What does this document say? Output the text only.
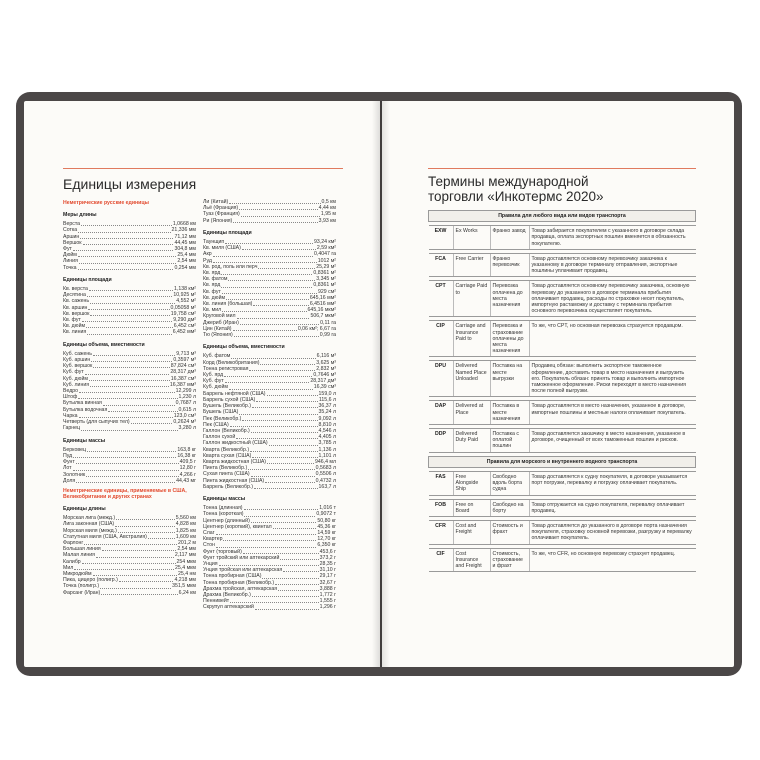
Единицы измерения
Неметрические русские единицы
Меры длины
Верста	1,0668 км
Сотка	21,336 мм
Аршин	71,12 мм
Вершок	44,45 мм
Фут	304,8 мм
Дюйм	25,4 мм
Линия	2,54 мм
Точка	0,254 мм
Единицы площади
Кв. верста	1,138 км²
Десятина	10,925 м²
Кв. сажень	4,552 м²
Кв. аршин	0,05058 м²
Кв. вершок	19,758 см²
Кв. фут	9,290 дм²
Кв. дюйм	6,452 см²
Кв. линия	6,452 мм²
Единицы объема, вместимости
Куб. сажень	9,713 м³
Куб. аршин	0,3597 м³
Куб. вершок	87,824 см³
Куб. фут	28,317 дм³
Куб. дюйм	16,387 см³
Куб. линия	16,387 мм³
Ведро	12,299 л
Штоф	1,230 л
Бутылка винная	0,7687 л
Бутылка водочная	0,615 л
Чарка	123,0 см³
Четверть (для сыпучих тел)	0,2624 м³
Гарнец	3,280 л
Единицы массы
Берковец	163,8 кг
Пуд	16,38 кг
Фунт	409,5 г
Лот	12,80 г
Золотник	4,266 г
Доля	44,43 мг
Неметрические единицы, применяемые в США, Великобритании и других странах
Единицы длины
Морская лига (межд.)	5,560 км
Лига законная (США)	4,828 км
Морская миля (межд.)	1,825 км
Статутная миля (США, Австралия)	1,609 км
Фарлонг	201,2 м
Большая линия	2,54 мм
Малая линия	2,117 мм
Калибр	254 мкм
Мил	25,4 мкм
Микродюйм	25,4 нм
Пика, цицеро (полигр.)	4,218 мм
Точка (полигр.)	351,5 мкм
Фарсанг (Иран)	6,24 км
Ли (Китай)	0,5 км
Льё (Франция)	4,44 км
Туаз (Франция)	1,95 м
Ри (Япония)	3,93 км
Единицы площади
Таунщип	93,24 км²
Кв. миля (США)	2,59 км²
Акр	0,4047 га
Руд	1012 м²
Кв. род, поль или перч	25,29 м²
Кв. ярд	0,8361 м²
Кв. фатом	3,345 м²
Кв. ярд	0,8361 м²
Кв. фут	929 см²
Кв. дюйм	645,16 мм²
Кв. линия (большая)	6,4516 мм²
Кв. мил	645,16 мкм²
Круговой мил	506,7 мкм²
Джериб (Иран)	0,11 га
Цин (Китай)	0,06 км²; 6,67 га
Тю (Япония)	0,99 га
Единицы объема, вместимости
Куб. фатом	6,116 м³
Корд (Великобритания)	3,625 м³
Тонна регистровая	2,832 м³
Куб. ярд	0,7646 м³
Куб. фут	28,317 дм³
Куб. дюйм	16,39 см³
Баррель нефтяной (США)	159,0 л
Баррель сухой (США)	115,6 л
Бушель (Великобр.)	36,37 л
Бушель (США)	35,24 л
Пек (Великобр.)	9,092 л
Пек (США)	8,810 л
Галлон (Великобр.)	4,546 л
Галлон сухой	4,405 л
Галлон жидкостный (США)	3,785 л
Кварта (Великобр.)	1,136 л
Кварта сухая (США)	1,101 л
Кварта жидкостная (США)	946,4 мл
Пинта (Великобр.)	0,5683 л
Сухая пинта (США)	0,5506 л
Пинта жидкостная (США)	0,4732 л
Баррель (Великобр.)	163,7 л
Единицы массы
Тонна (длинная)	1,016 т
Тонна (короткая)	0,9072 т
Центнер (длинный)	50,80 кг
Центнер (короткий), квинтал	45,36 кг
Слаг	14,59 кг
Квартер	12,70 кг
Стон	6,350 кг
Фунт (торговый)	453,6 г
Фунт тройский или аптекарский	373,2 г
Унция	28,35 г
Унция тройская или аптекарская	31,10 г
Тонна пробирная (США)	29,17 г
Тонна пробирная (Великобр.)	32,67 г
Драхма тройская, аптекарская	3,888 г
Драхма (Великобр.)	1,772 г
Пеннивейт	1,555 г
Скрупул аптекарский	1,296 г
Термины международной
торговли «Инкотермс 2020»
Правила для любого вида или видов транспорта			

EXW	Ex Works	Франко завод	Товар забирается покупателем с указанного в договоре склада продавца, оплата экспортных пошлин вменяется в обязанность покупателю.

FCA	Free Carrier	Франко перевозчик	Товар доставляется основному перевозчику заказчика к указанному в договоре терминалу отправления, экспортные пошлины уплачивает продавец.

CPT	Carriage Paid to	Перевозка оплачена до места назначения	Товар доставляется основному перевозчику заказчика, основную перевозку до указанного в договоре терминала прибытия оплачивает продавец, расходы по страховке несет покупатель, импортную растаможку и доставку с терминала прибытия основного перевозчика осуществляет покупатель.

CIP	Carriage and Insurance Paid to	Перевозка и страхование оплачены до места назначения	То же, что CPT, но основная перевозка страхуется продавцом.

DPU	Delivered Named Place Unloaded	Поставка на месте выгрузки	Продавец обязан: выполнить экспортное таможенное оформление, доставить товар в место назначения и выгрузить его. Покупатель обязан: принять товар и выполнить импортное таможенное оформление. Риски переходят в место назначения после полной выгрузки.

DAP	Delivered at Place	Поставка в месте назначения	Товар доставляется в место назначения, указанное в договоре, импортные пошлины и местные налоги оплачивает покупатель.

DDP	Delivered Duty Paid	Поставка с оплатой пошлин	Товар доставляется заказчику в место назначения, указанное в договоре, очищенный от всех таможенных пошлин и рисков.

Правила для морского и внутреннего водного транспорта			

FAS	Free Alongside Ship	Свободно вдоль борта судна	Товар доставляется к судну покупателя, в договоре указывается порт погрузки, перевалку и погрузку оплачивает покупатель.

FOB	Free on Board	Свободно на борту	Товар отгружается на судно покупателя, перевалку оплачивает продавец.

CFR	Cost and Freight	Стоимость и фрахт	Товар доставляется до указанного в договоре порта назначения покупателя, страховку основной перевозки, разгрузку и перевалку оплачивает покупатель.

CIF	Cost Insurance and Freight	Стоимость, страхование и фрахт	То же, что CFR, но основную перевозку страхует продавец.
